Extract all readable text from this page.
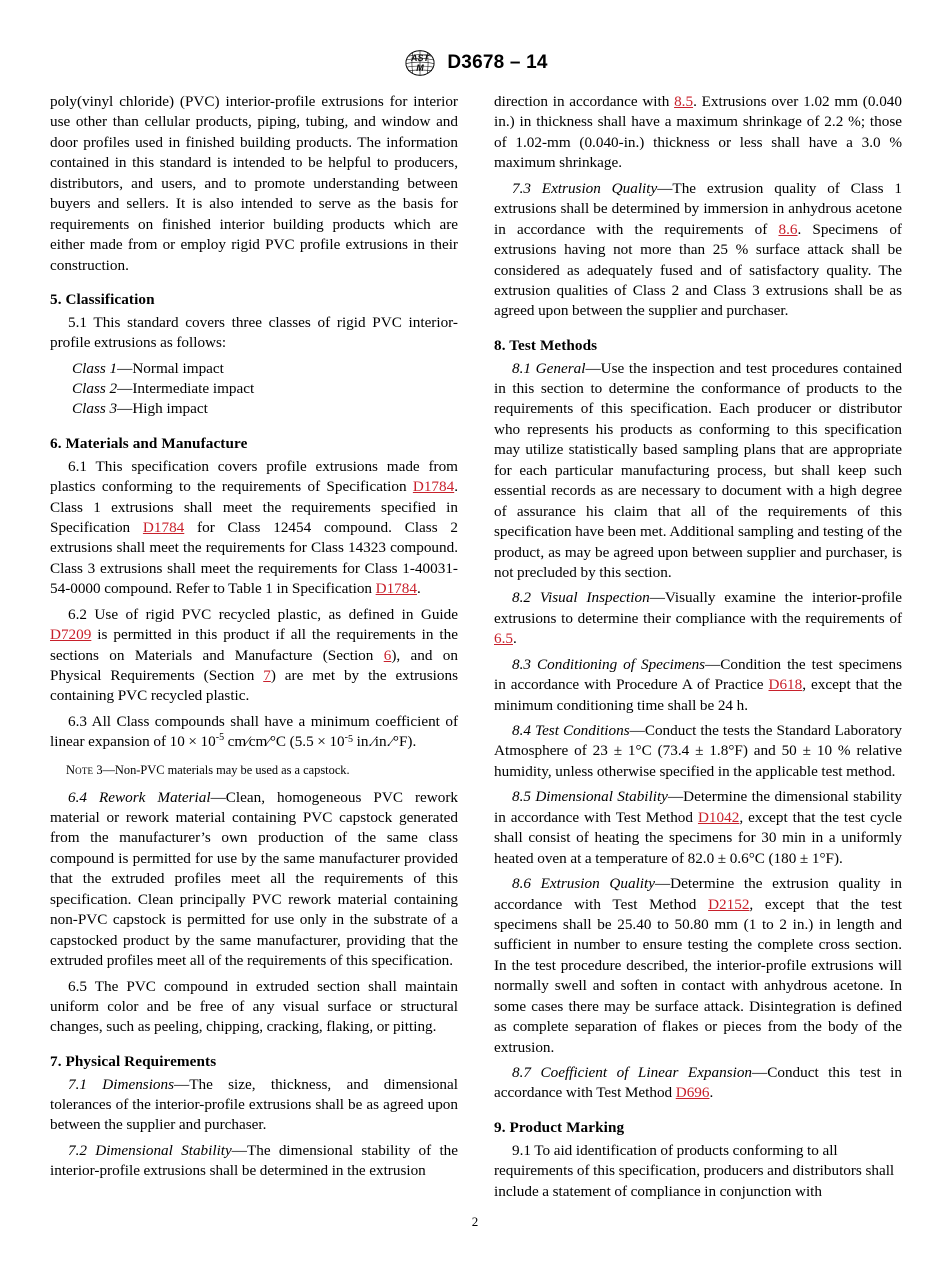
AST
M D3678 – 14

poly(vinyl chloride) (PVC) interior-profile extrusions for interior use other than cellular products, piping, tubing, and window and door profiles used in finished building products. The information contained in this standard is intended to be helpful to producers, distributors, and users, and to promote understanding between buyers and sellers. It is also intended to serve as the basis for requirements on finished interior building products which are either made from or employ rigid PVC profile extrusions in their construction.

5. Classification

5.1 This standard covers three classes of rigid PVC interior-profile extrusions as follows:

Class 1—Normal impact

Class 2—Intermediate impact

Class 3—High impact

6. Materials and Manufacture

6.1 This specification covers profile extrusions made from plastics conforming to the requirements of Specification D1784. Class 1 extrusions shall meet the requirements specified in Specification D1784 for Class 12454 compound. Class 2 extrusions shall meet the requirements for Class 14323 compound. Class 3 extrusions shall meet the requirements for Class 1-40031-54-0000 compound. Refer to Table 1 in Specification D1784.

6.2 Use of rigid PVC recycled plastic, as defined in Guide D7209 is permitted in this product if all the requirements in the sections on Materials and Manufacture (Section 6), and on Physical Requirements (Section 7) are met by the extrusions containing PVC recycled plastic.

6.3 All Class compounds shall have a minimum coefficient of linear expansion of $10 \times 10^{-5}$ cm⁄cm⁄°C ($5.5 \times 10^-_5$ in.⁄in.⁄°F).

Note 3—Non-PVC materials may be used as a capstock.

6.4 Rework Material—Clean, homogeneous PVC rework material or rework material containing PVC capstock generated from the manufacturer’s own production of the same class compound is permitted for use by the same manufacturer provided that the extruded profiles meet all the requirements of this specification. Clean principally PVC rework material containing non-PVC capstock is permitted for use only in the substrate of a capstocked product by the same manufacturer, providing that the extruded profiles meet all of the requirements of this specification.

6.5 The PVC compound in extruded section shall maintain uniform color and be free of any visual surface or structural changes, such as peeling, chipping, cracking, flaking, or pitting.

7. Physical Requirements

7.1 Dimensions—The size, thickness, and dimensional tolerances of the interior-profile extrusions shall be as agreed upon between the supplier and purchaser.

7.2 Dimensional Stability—The dimensional stability of the interior-profile extrusions shall be determined in the extrusion

direction in accordance with 8.5. Extrusions over 1.02 mm (0.040 in.) in thickness shall have a maximum shrinkage of 2.2 %; those of 1.02-mm (0.040-in.) thickness or less shall have a 3.0 % maximum shrinkage.

7.3 Extrusion Quality—The extrusion quality of Class 1 extrusions shall be determined by immersion in anhydrous acetone in accordance with the requirements of 8.6. Specimens of extrusions having not more than 25 % surface attack shall be considered as adequately fused and of satisfactory quality. The extrusion qualities of Class 2 and Class 3 extrusions shall be as agreed upon between the supplier and purchaser.

8. Test Methods

8.1 General—Use the inspection and test procedures contained in this section to determine the conformance of products to the requirements of this specification. Each producer or distributor who represents his products as conforming to this specification may utilize statistically based sampling plans that are appropriate for each particular manufacturing process, but shall keep such essential records as are necessary to document with a high degree of assurance his claim that all of the requirements of this specification have been met. Additional sampling and testing of the product, as may be agreed upon between supplier and purchaser, is not precluded by this section.

8.2 Visual Inspection—Visually examine the interior-profile extrusions to determine their compliance with the requirements of 6.5.

8.3 Conditioning of Specimens—Condition the test specimens in accordance with Procedure A of Practice D618, except that the minimum conditioning time shall be 24 h.

8.4 Test Conditions—Conduct the tests the Standard Laboratory Atmosphere of 23 ± 1°C (73.4 ± 1.8°F) and 50 ± 10 % relative humidity, unless otherwise specified in the applicable test method.

8.5 Dimensional Stability—Determine the dimensional stability in accordance with Test Method D1042, except that the test cycle shall consist of heating the specimens for 30 min in a uniformly heated oven at a temperature of 82.0 ± 0.6°C (180 ± 1°F).

8.6 Extrusion Quality—Determine the extrusion quality in accordance with Test Method D2152, except that the test specimens shall be 25.40 to 50.80 mm (1 to 2 in.) in length and sufficient in number to ensure testing the complete cross section. In the test procedure described, the interior-profile extrusions will normally swell and soften in contact with anhydrous acetone. In some cases there may be surface attack. Disintegration is defined as complete separation of flakes or pieces from the body of the extrusion.

8.7 Coefficient of Linear Expansion—Conduct this test in accordance with Test Method D696.

9. Product Marking

9.1 To aid identification of products conforming to all requirements of this specification, producers and distributors shall include a statement of compliance in conjunction with

2
